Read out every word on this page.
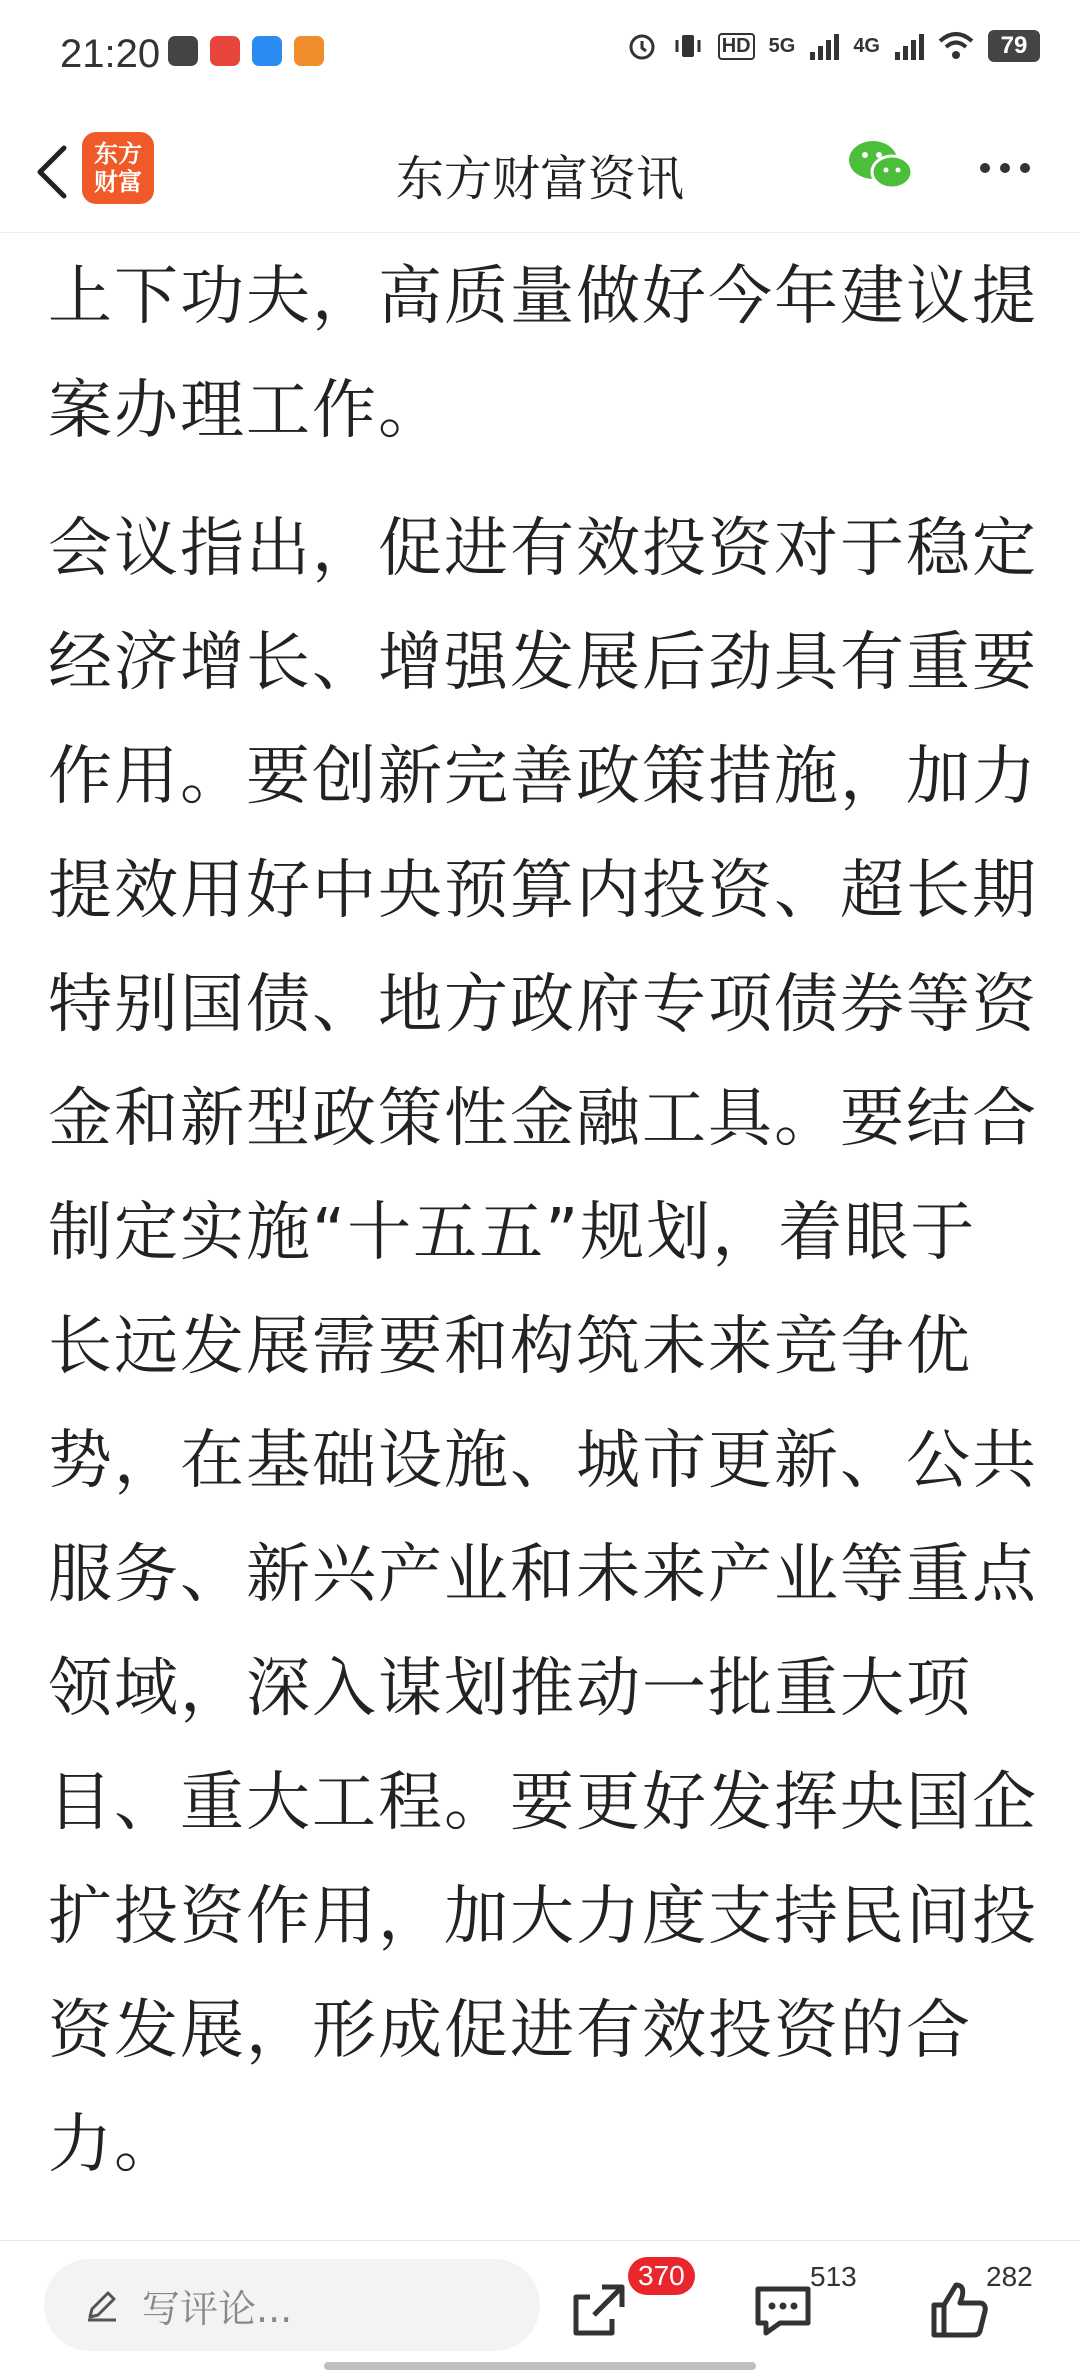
21:20	HD 5G	4G	79
东方财富	东方财富资讯

上下功夫，高质量做好今年建议提案办理工作。

会议指出，促进有效投资对于稳定经济增长、增强发展后劲具有重要作用。要创新完善政策措施，加力提效用好中央预算内投资、超长期特别国债、地方政府专项债券等资金和新型政策性金融工具。要结合制定实施“十五五”规划，着眼于长远发展需要和构筑未来竞争优势，在基础设施、城市更新、公共服务、新兴产业和未来产业等重点领域，深入谋划推动一批重大项目、重大工程。要更好发挥央国企扩投资作用，加大力度支持民间投资发展，形成促进有效投资的合力。

写评论...
370	513	282
